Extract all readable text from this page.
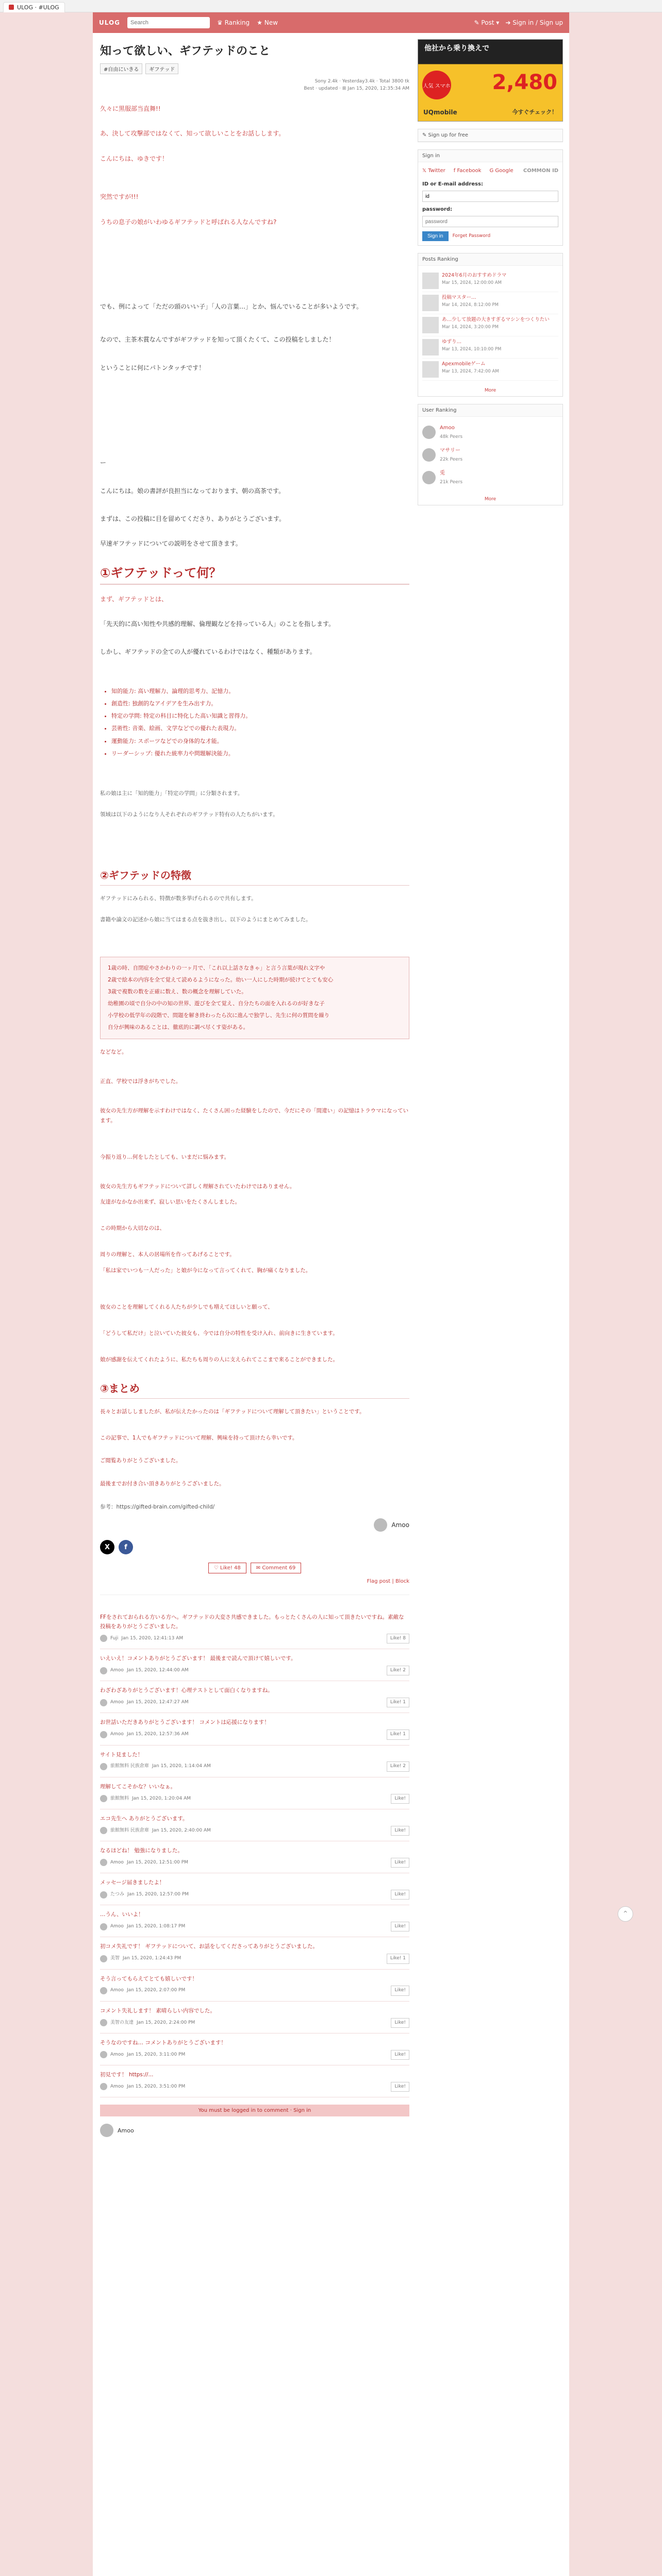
ULOG · #ULOG
ULOG
Search	♛ Ranking ★ New	✎ Post ▾ ➔ Sign in / Sign up
知って欲しい、ギフテッドのこと
#自由にいきる	ギフテッド
Sony 2.4k · Yesterday3.4k · Total 3800 tk
Best · updated · ⊞ Jan 15, 2020, 12:35:34 AM

久々に黒服部当直舞!!

あ、決して攻撃部ではなくて、知って欲しいことをお話しします。

こんにちは、ゆきです！

突然ですが!!!

うちの息子の娘がいわゆるギフテッドと呼ばれる人なんですね?

でも、例によって「ただの頭のいい子」「人の言葉…」とか、悩んでいることが多いようです。

なので、主茶木賞なんですがギフテッドを知って頂くたくて、この投稿をしました！

ということに何にパトンタッチです！

ー

こんにちは。娘の書評が良担当になっております、朝の高茶です。

まずは、この投稿に目を留めてくださり、ありがとうございます。

早速ギフテッドについての説明をさせて頂きます。

①ギフテッドって何？

まず、ギフテッドとは、

「先天的に高い知性や共感的理解、倫理観などを持っている人」のことを指します。

しかし、ギフテッドの全ての人が優れているわけではなく、種類があります。

• 知的能力: 高い理解力、論理的思考力、記憶力。
• 創造性: 独創的なアイデアを生み出す力。
• 特定の学問: 特定の科目に特化した高い知識と習得力。
• 芸術性: 音楽、絵画、文学などでの優れた表現力。
• 運動能力: スポーツなどでの身体的な才能。
• リーダーシップ: 優れた統率力や問題解決能力。

私の娘は主に「知的能力」「特定の学問」に分類されます。

領域は以下のようになり人それぞれのギフテッド特有の人たちがいます。

②ギフテッドの特徴

ギフテッドにみられる、特徴が数多挙げられるので共有します。

書籍や論文の記述から娘に当てはまる点を抜き出し、以下のようにまとめてみました。

1歳の時、自閉症やさかわりの一ヶ月で、「これ以上話さなきゃ」と言う言葉が現れ文字や
2歳で絵本の内容を全て覚えて読めるようになった。幼い一人にした時期が続けてとても安心
3歳で複数の数を正確に数え、数の概念を理解していた。
幼稚園の頃で自分の中の知の世界、遊びを全て覚え、自分たちの面を入れるのが好きな子
小学校の低学年の段階で、問題を解き終わったら次に進んで独学し、先生に何の質問を繰り
自分が興味のあることは、徹底的に調べ尽くす姿がある。

などなど。

正直、学校では浮きがちでした。

彼女の先生方が理解を示すわけではなく、たくさん困った経験をしたので、今だにその「間違い」の記憶はトラウマになっています。

今振り返り…何をしたとしても、いまだに悩みます。

彼女の先生方もギフテッドについて詳しく理解されていたわけではありません。

友達がなかなか出来ず、寂しい思いをたくさんしました。

この時期から大切なのは、

周りの理解と、本人の居場所を作ってあげることです。

「私は家でいつも一人だった」と娘が今になって言ってくれて、胸が痛くなりました。

彼女のことを理解してくれる人たちが少しでも増えてほしいと願って、

「どうして私だけ」と泣いていた彼女も、今では自分の特性を受け入れ、前向きに生きています。

娘が感謝を伝えてくれたように、私たちも周りの人に支えられてここまで来ることができました。

③まとめ

長々とお話ししましたが、私が伝えたかったのは「ギフテッドについて理解して頂きたい」ということです。

この記事で、1人でもギフテッドについて理解、興味を持って頂けたら幸いです。

ご閲覧ありがとうございました。

最後までお付き合い頂きありがとうございました。

参考：https://gifted-brain.com/gifted-child/

Amoo
X	f
♡ Like! 48	✉ Comment 69
Flag post | Block
FFをされておられる方いる方へ。ギフテッドの大変さ共感できました。もっとたくさんの人に知って頂きたいですね。素敵な投稿をありがとうございました。
Fuji Jan 15, 2020, 12:41:13 AM	Like! 8
いえいえ！コメントありがとうございます！ 最後まで読んで頂けて嬉しいです。
Amoo Jan 15, 2020, 12:44:00 AM	Like! 2
わざわざありがとうございます！心理テストとして面白くなりますね。
Amoo Jan 15, 2020, 12:47:27 AM	Like! 1
お世話いただきありがとうございます！ コメントは応援になります！
Amoo Jan 15, 2020, 12:57:36 AM	Like! 1
サイト見ました！
旅館無料 民族倉庫 Jan 15, 2020, 1:14:04 AM	Like! 2
理解してこそかな？いいなぁ。
旅館無料 Jan 15, 2020, 1:20:04 AM	Like!
エコ先生へ ありがとうございます。
旅館無料 民族倉庫 Jan 15, 2020, 2:40:00 AM	Like!
なるほどね！ 勉強になりました。
Amoo Jan 15, 2020, 12:51:00 PM	Like!
メッセージ届きましたよ！
たつみ Jan 15, 2020, 12:57:00 PM	Like!
…うん、いいよ！
Amoo Jan 15, 2020, 1:08:17 PM	Like!
初コメ失礼です！ ギフテッドについて、お話をしてくださってありがとうございました。
美智 Jan 15, 2020, 1:24:43 PM	Like! 1
そう言ってもらえてとても嬉しいです！
Amoo Jan 15, 2020, 2:07:00 PM	Like!
コメント失礼します！ 素晴らしい内容でした。
美智の友達 Jan 15, 2020, 2:24:00 PM	Like!
そうなのですね… コメントありがとうございます！
Amoo Jan 15, 2020, 3:11:00 PM	Like!
初見です！ https://...
Amoo Jan 15, 2020, 3:51:00 PM	Like!
You must be logged in to comment · Sign in
Amoo
他社から乗り換えで
人気 スマホ 2,480
UQmobile	今すぐチェック！
✎ Sign up for free
Sign in
𝕏 Twitter f Facebook G Google COMMON ID
ID or E-mail address:
id
password:
Sign in	Forget Password
Posts Ranking
2024年6月のおすすめドラマ
Mar 15, 2024, 12:00:00 AM
投稿マスター…
Mar 14, 2024, 8:12:00 PM
あ…少して放題の大きすぎるマシンをつくりたい
Mar 14, 2024, 3:20:00 PM
ゆずり…
Mar 13, 2024, 10:10:00 PM
Apexmobileゲーム
Mar 13, 2024, 7:42:00 AM
More
User Ranking
Amoo
48k Peers
マサリー
22k Peers
兎
21k Peers
More
⌃
